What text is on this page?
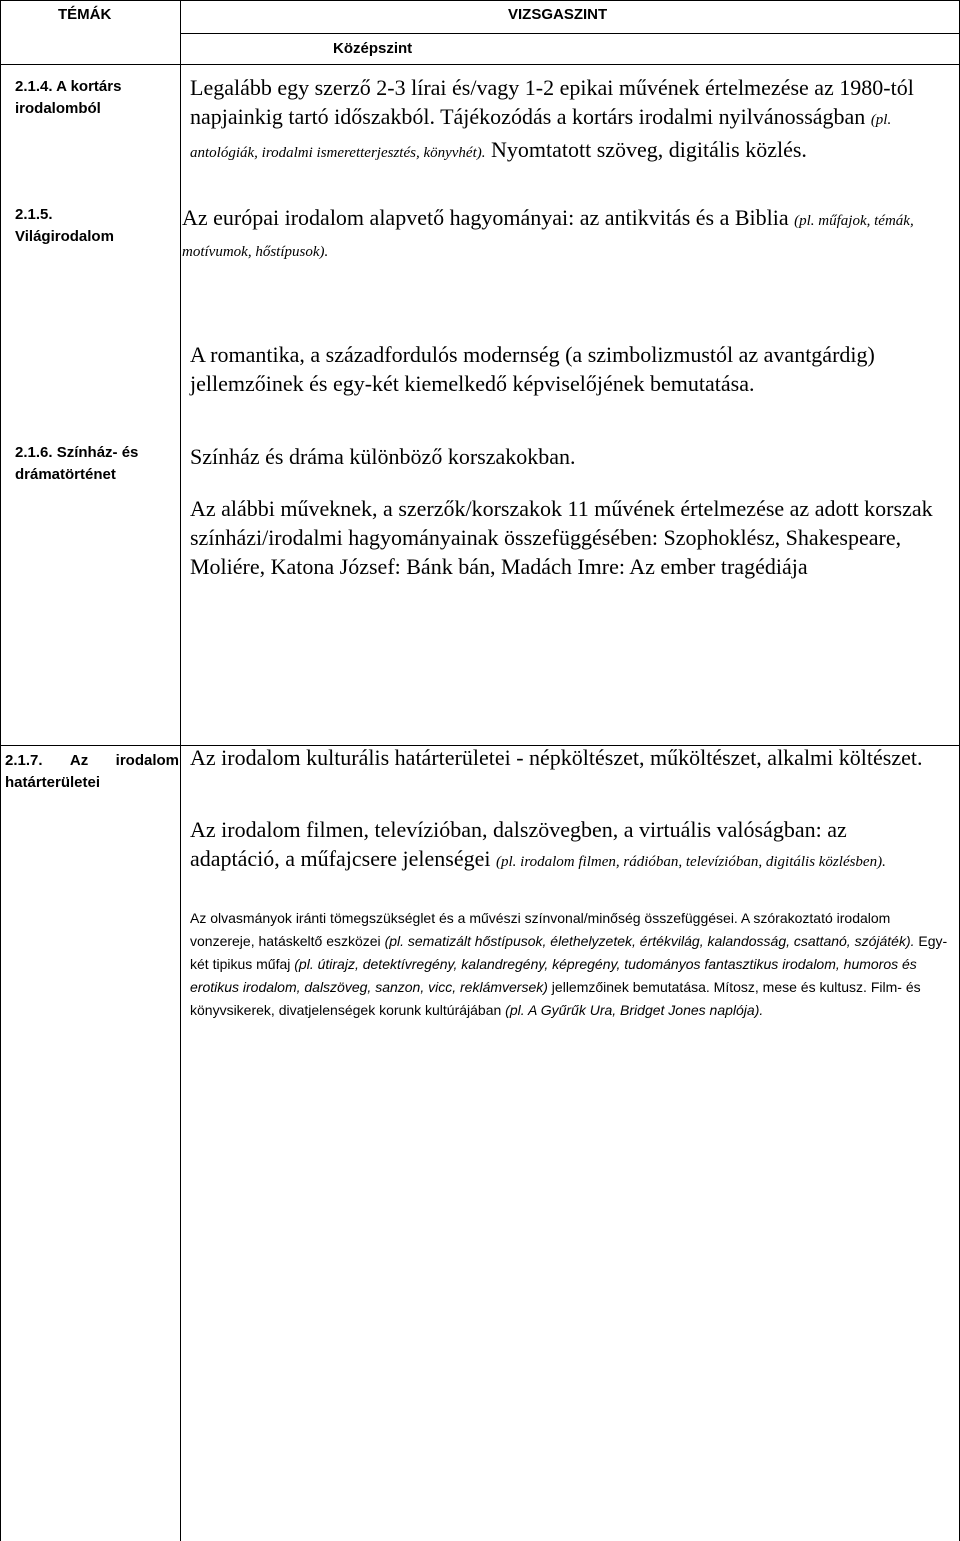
TÉMÁK	VIZSGASZINT
Középszint
2.1.4. A kortárs irodalomból
2.1.5.
Világirodalom
2.1.6. Színház- és drámatörténet
2.1.7. Az irodalom
határterületei
Legalább egy szerző 2-3 lírai és/vagy 1-2 epikai művének értelmezése az 1980-tól napjainkig tartó időszakból. Tájékozódás a kortárs irodalmi nyilvánosságban (pl. antológiák, irodalmi ismeretterjesztés, könyvhét). Nyomtatott szöveg, digitális közlés.
Az európai irodalom alapvető hagyományai: az antikvitás és a Biblia (pl. műfajok, témák, motívumok, hőstípusok).
A romantika, a századfordulós modernség (a szimbolizmustól az avantgárdig) jellemzőinek és egy-két kiemelkedő képviselőjének bemutatása.
Színház és dráma különböző korszakokban.
Az alábbi műveknek, a szerzők/korszakok 11 művének értelmezése az adott korszak színházi/irodalmi hagyományainak összefüggésében: Szophoklész, Shakespeare, Moliére, Katona József: Bánk bán, Madách Imre: Az ember tragédiája
Az irodalom kulturális határterületei - népköltészet, műköltészet, alkalmi költészet.
Az irodalom filmen, televízióban, dalszövegben, a virtuális valóságban: az adaptáció, a műfajcsere jelenségei (pl. irodalom filmen, rádióban, televízióban, digitális közlésben).
Az olvasmányok iránti tömegszükséglet és a művészi színvonal/minőség összefüggései. A szórakoztató irodalom vonzereje, hatáskeltő eszközei (pl. sematizált hőstípusok, élethelyzetek, értékvilág, kalandosság, csattanó, szójáték). Egy-két tipikus műfaj (pl. útirajz, detektívregény, kalandregény, képregény, tudományos fantasztikus irodalom, humoros és erotikus irodalom, dalszöveg, sanzon, vicc, reklámversek) jellemzőinek bemutatása. Mítosz, mese és kultusz. Film- és könyvsikerek, divatjelenségek korunk kultúrájában (pl. A Gyűrűk Ura, Bridget Jones naplója).
